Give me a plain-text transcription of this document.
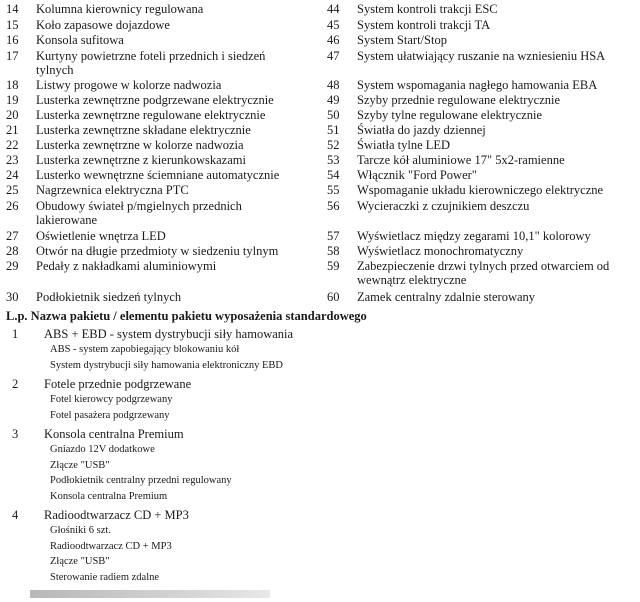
14	Kolumna kierownicy regulowana
15	Koło zapasowe dojazdowe
16	Konsola sufitowa
17	Kurtyny powietrzne foteli przednich i siedzeń tylnych
18	Listwy progowe w kolorze nadwozia
19	Lusterka zewnętrzne podgrzewane elektrycznie
20	Lusterka zewnętrzne regulowane elektrycznie
21	Lusterka zewnętrzne składane elektrycznie
22	Lusterka zewnętrzne w kolorze nadwozia
23	Lusterka zewnętrzne z kierunkowskazami
24	Lusterko wewnętrzne ściemniane automatycznie
25	Nagrzewnica elektryczna PTC
26	Obudowy świateł p/mgielnych przednich lakierowane
27	Oświetlenie wnętrza LED
28	Otwór na długie przedmioty w siedzeniu tylnym
29	Pedały z nakładkami aluminiowymi
30	Podłokietnik siedzeń tylnych
44	System kontroli trakcji ESC
45	System kontroli trakcji TA
46	System Start/Stop
47	System ułatwiający ruszanie na wzniesieniu HSA
48	System wspomagania nagłego hamowania EBA
49	Szyby przednie regulowane elektrycznie
50	Szyby tylne regulowane elektrycznie
51	Światła do jazdy dziennej
52	Światła tylne LED
53	Tarcze kół aluminiowe 17" 5x2-ramienne
54	Włącznik "Ford Power"
55	Wspomaganie układu kierowniczego elektryczne
56	Wycieraczki z czujnikiem deszczu
57	Wyświetlacz między zegarami 10,1" kolorowy
58	Wyświetlacz monochromatyczny
59	Zabezpieczenie drzwi tylnych przed otwarciem od wewnątrz elektryczne
60	Zamek centralny zdalnie sterowany
L.p. Nazwa pakietu / elementu pakietu wyposażenia standardowego
1	ABS + EBD - system dystrybucji siły hamowania
ABS - system zapobiegający blokowaniu kół
System dystrybucji siły hamowania elektroniczny EBD
2	Fotele przednie podgrzewane
Fotel kierowcy podgrzewany
Fotel pasażera podgrzewany
3	Konsola centralna Premium
Gniazdo 12V dodatkowe
Złącze "USB"
Podłokietnik centralny przedni regulowany
Konsola centralna Premium
4	Radioodtwarzacz CD + MP3
Głośniki 6 szt.
Radioodtwarzacz CD + MP3
Złącze "USB"
Sterowanie radiem zdalne
